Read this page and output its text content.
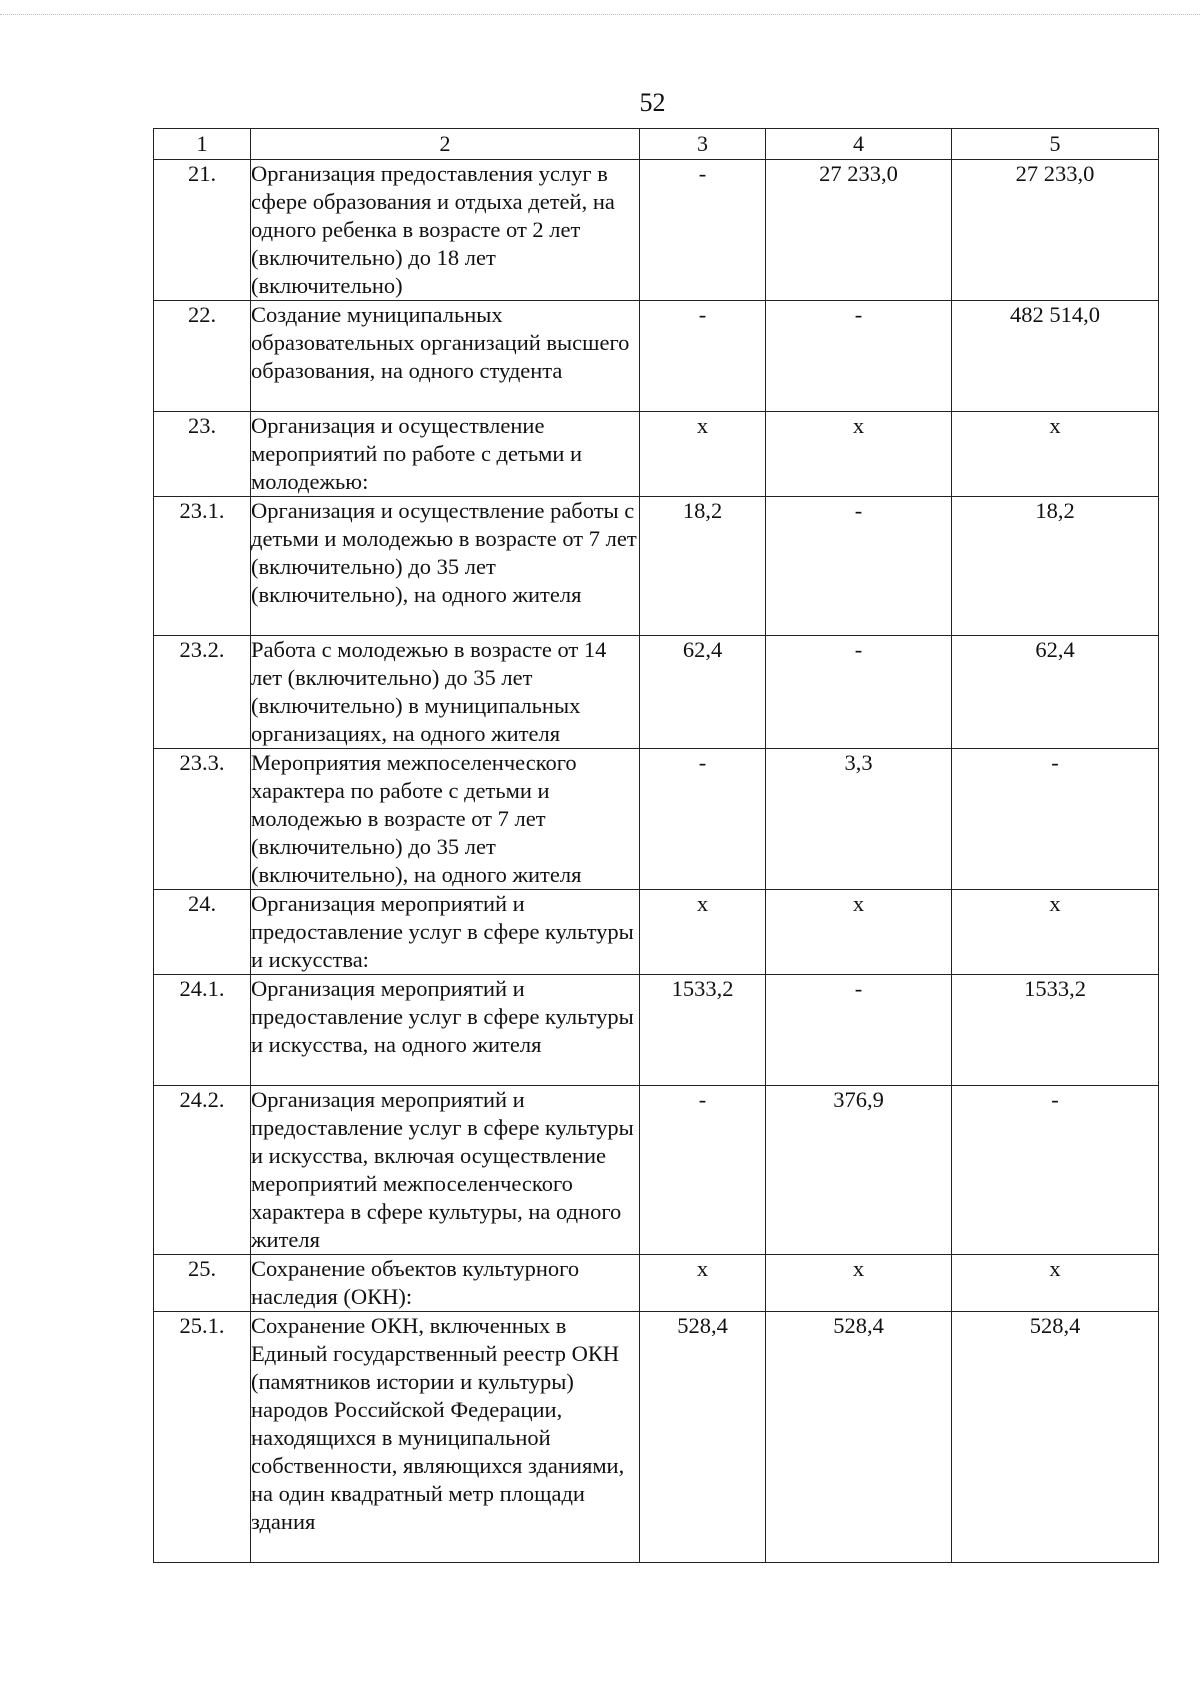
52
1	2	3	4	5
21.	Организация предоставления услуг в сфере образования и отдыха детей, на одного ребенка в возрасте от 2 лет (включительно) до 18 лет (включительно)	-	27 233,0	27 233,0
22.	Создание муниципальных образовательных организаций высшего образования, на одного студента	-	-	482 514,0
23.	Организация и осуществление мероприятий по работе с детьми и молодежью:	х	х	х
23.1.	Организация и осуществление работы с детьми и молодежью в возрасте от 7 лет (включительно) до 35 лет (включительно), на одного жителя	18,2	-	18,2
23.2.	Работа с молодежью в возрасте от 14 лет (включительно) до 35 лет (включительно) в муниципальных организациях, на одного жителя	62,4	-	62,4
23.3.	Мероприятия межпоселенческого характера по работе с детьми и молодежью в возрасте от 7 лет (включительно) до 35 лет (включительно), на одного жителя	-	3,3	-
24.	Организация мероприятий и предоставление услуг в сфере культуры и искусства:	х	х	х
24.1.	Организация мероприятий и предоставление услуг в сфере культуры и искусства, на одного жителя	1533,2	-	1533,2
24.2.	Организация мероприятий и предоставление услуг в сфере культуры и искусства, включая осуществление мероприятий межпоселенческого характера в сфере культуры, на одного жителя	-	376,9	-
25.	Сохранение объектов культурного наследия (ОКН):	х	х	х
25.1.	Сохранение ОКН, включенных в Единый государственный реестр ОКН (памятников истории и культуры) народов Российской Федерации, находящихся в муниципальной собственности, являющихся зданиями, на один квадратный метр площади здания	528,4	528,4	528,4
